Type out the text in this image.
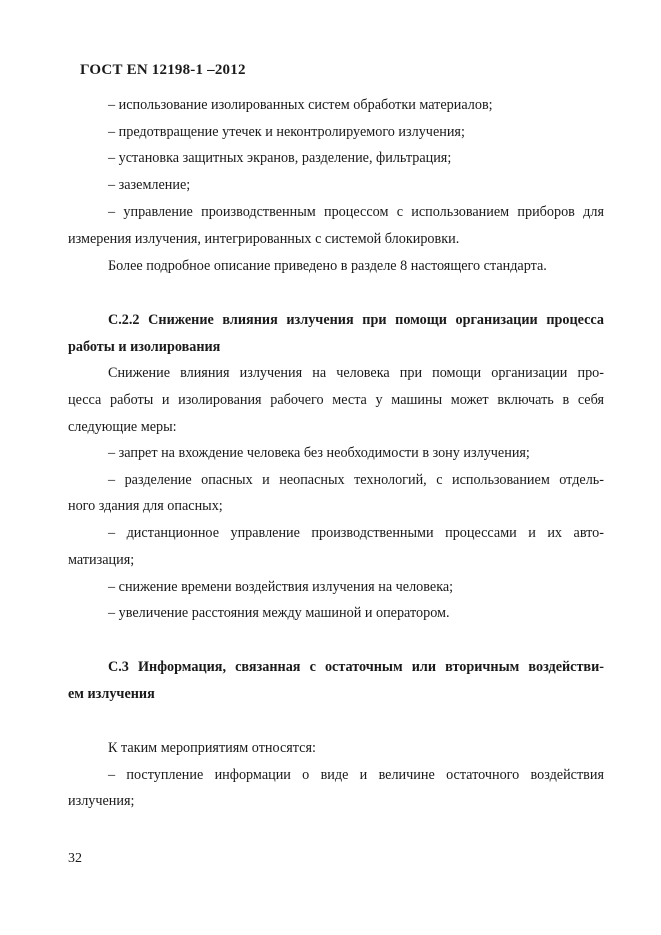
ГОСТ EN 12198-1 –2012
– использование изолированных систем обработки материалов;
– предотвращение утечек и неконтролируемого излучения;
– установка защитных экранов, разделение, фильтрация;
– заземление;
– управление производственным процессом с использованием приборов для
измерения излучения, интегрированных с системой блокировки.
Более подробное описание приведено в разделе 8 настоящего стандарта.
С.2.2 Снижение влияния излучения при помощи организации процесса
работы и изолирования
Снижение влияния излучения на человека при помощи организации про-
цесса работы и изолирования рабочего места у машины может включать в себя
следующие меры:
– запрет на вхождение человека без необходимости в зону излучения;
– разделение опасных и неопасных технологий, с использованием отдель-
ного здания для опасных;
– дистанционное управление производственными процессами и их авто-
матизация;
– снижение времени воздействия излучения на человека;
– увеличение расстояния между машиной и оператором.
С.3 Информация, связанная с остаточным или вторичным воздействи-
ем излучения
К таким мероприятиям относятся:
– поступление информации о виде и величине остаточного воздействия
излучения;
32
